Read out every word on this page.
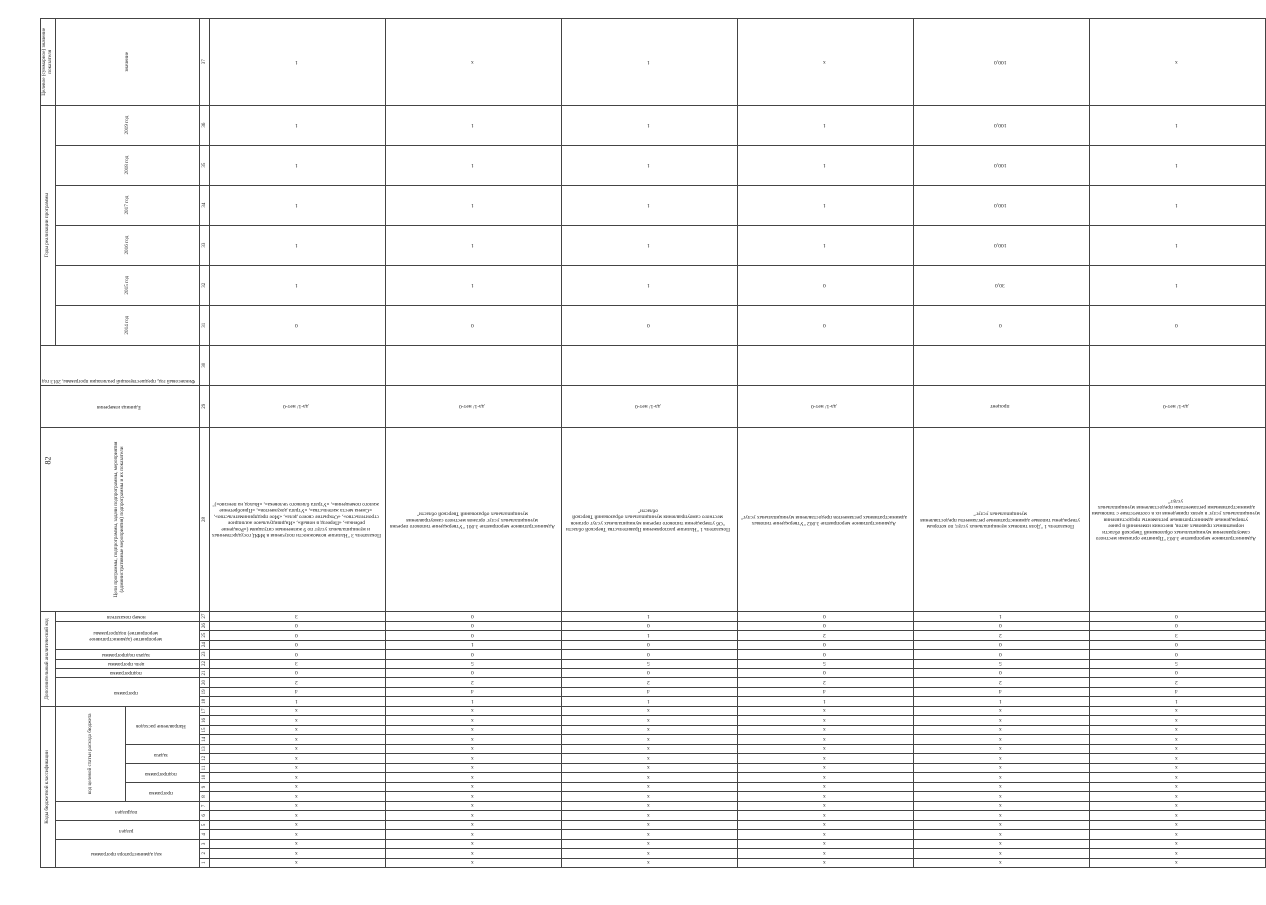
82
Коды бюджетной классификации																	Дополнительный аналитический код										Цели программы, подпрограммы, задачи подпрограммы, мероприятия (административные мероприятия) подпрограммы и их показатели	Единица измерения	Финансовый год, предшествующий реализации программы, 2013 год	Годы реализации программы						Целевое (суммарное) значение показателя
код администратора программы			раздел		подраздел		код целевой статьи расхода бюджета										программа			подпрограмма	цель программы	задача подпрограммы	мероприятие (административное мероприятие) подпрограммы			номер показателя				2014 год	2015 год	2016 год	2017 год	2018 год	2019 год	значение
							программа		подпрограмма		задача		Направление расходов																							
1	2	3	4	5	6	7	8	9	10	11	12	13	14	15	16	17	18	19	20	21	22	23	24	25	26	27	28	29	30	31	32	33	34	35	36	37
х	х	х	х	х	х	х	х	х	х	х	х	х	х	х	х	х	1	4	2	0	3	0	0	0	0	3	Показатель 3 "Наличие возможности получения в МФЦ государственных и муниципальных услуг по 9 жизненным ситуациям («Рождение ребенка», «Переезд в новый», «Индивидуальное жилищное строительство», «Открытие своего дела», «Мое предпринимательство», «Смена места жительства», «Утрата документов», «Приобретение жилого помещения», «Утрата близкого человека», «Выход на пенсию»)"	да-1/ нет-0		0	1	1	1	1	1	1
х	х	х	х	х	х	х	х	х	х	х	х	х	х	х	х	х	1	4	2	0	5	0	1	0	0	0	Административное мероприятие 3.001 "Утверждение типового перечня муниципальных услуг органов местного самоуправления муниципальных образований Тверской области"	да-1/ нет-0		0	1	1	1	1	1	х
х	х	х	х	х	х	х	х	х	х	х	х	х	х	х	х	х	1	4	2	0	5	0	0	1	0	1	Показатель 1 "Наличие распоряжения Правительства Тверской области "Об утверждении типового перечня муниципальных услуг органов местного самоуправления муниципальных образований Тверской области"	да-1/ нет-0		0	1	1	1	1	1	1
х	х	х	х	х	х	х	х	х	х	х	х	х	х	х	х	х	1	4	2	0	5	0	0	2	0	0	Административное мероприятие 3.002 "Утверждение типовых административных регламентов предоставления муниципальных услуг"	да-1/ нет-0		0	0	1	1	1	1	х
х	х	х	х	х	х	х	х	х	х	х	х	х	х	х	х	х	1	4	2	0	5	0	0	2	0	1	Показатель 1 "Доля типовых муниципальных услуг, по которым утверждены типовые административные регламенты предоставления муниципальных услуг"	процент		0	30,0	100,0	100,0	100,0	100,0	100,0
х	х	х	х	х	х	х	х	х	х	х	х	х	х	х	х	х	1	4	2	0	5	0	0	3	0	0	Административное мероприятие 3.003 "Принятие органами местного самоуправления муниципальных образований Тверской области нормативных правовых актов, внесения изменений в ранее утвержденные административные регламенты предоставления муниципальных услуг в целях приведения их в соответствие с типовыми административными регламентами предоставления муниципальных услуг"	да-1/ нет-0		0	1	1	1	1	1	х
